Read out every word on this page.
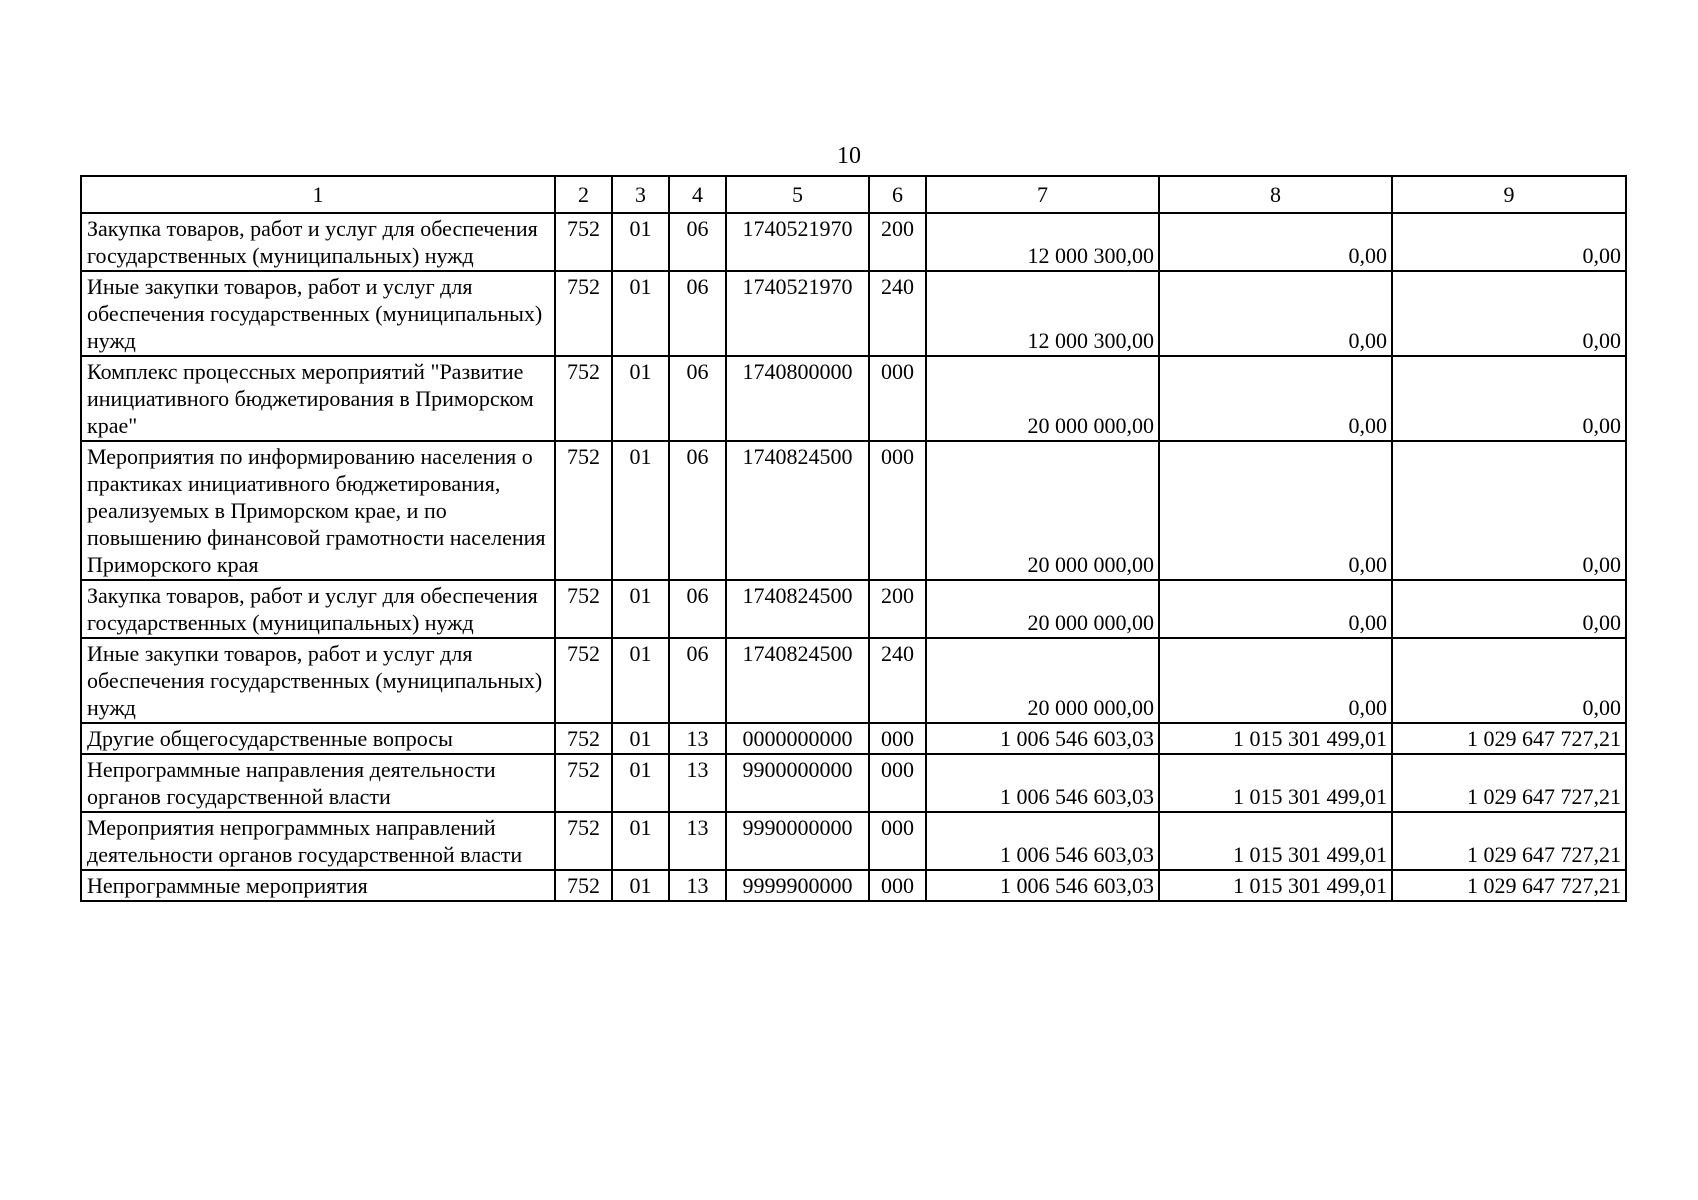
10
1	2	3	4	5	6	7	8	9
Закупка товаров, работ и услуг для обеспечения государственных (муниципальных) нужд	752	01	06	1740521970	200	12 000 300,00	0,00	0,00
Иные закупки товаров, работ и услуг для обеспечения государственных (муниципальных) нужд	752	01	06	1740521970	240	12 000 300,00	0,00	0,00
Комплекс процессных мероприятий "Развитие инициативного бюджетирования в Приморском крае"	752	01	06	1740800000	000	20 000 000,00	0,00	0,00
Мероприятия по информированию населения о практиках инициативного бюджетирования, реализуемых в Приморском крае, и по повышению финансовой грамотности населения Приморского края	752	01	06	1740824500	000	20 000 000,00	0,00	0,00
Закупка товаров, работ и услуг для обеспечения государственных (муниципальных) нужд	752	01	06	1740824500	200	20 000 000,00	0,00	0,00
Иные закупки товаров, работ и услуг для обеспечения государственных (муниципальных) нужд	752	01	06	1740824500	240	20 000 000,00	0,00	0,00
Другие общегосударственные вопросы	752	01	13	0000000000	000	1 006 546 603,03	1 015 301 499,01	1 029 647 727,21
Непрограммные направления деятельности органов государственной власти	752	01	13	9900000000	000	1 006 546 603,03	1 015 301 499,01	1 029 647 727,21
Мероприятия непрограммных направлений деятельности органов государственной власти	752	01	13	9990000000	000	1 006 546 603,03	1 015 301 499,01	1 029 647 727,21
Непрограммные мероприятия	752	01	13	9999900000	000	1 006 546 603,03	1 015 301 499,01	1 029 647 727,21
